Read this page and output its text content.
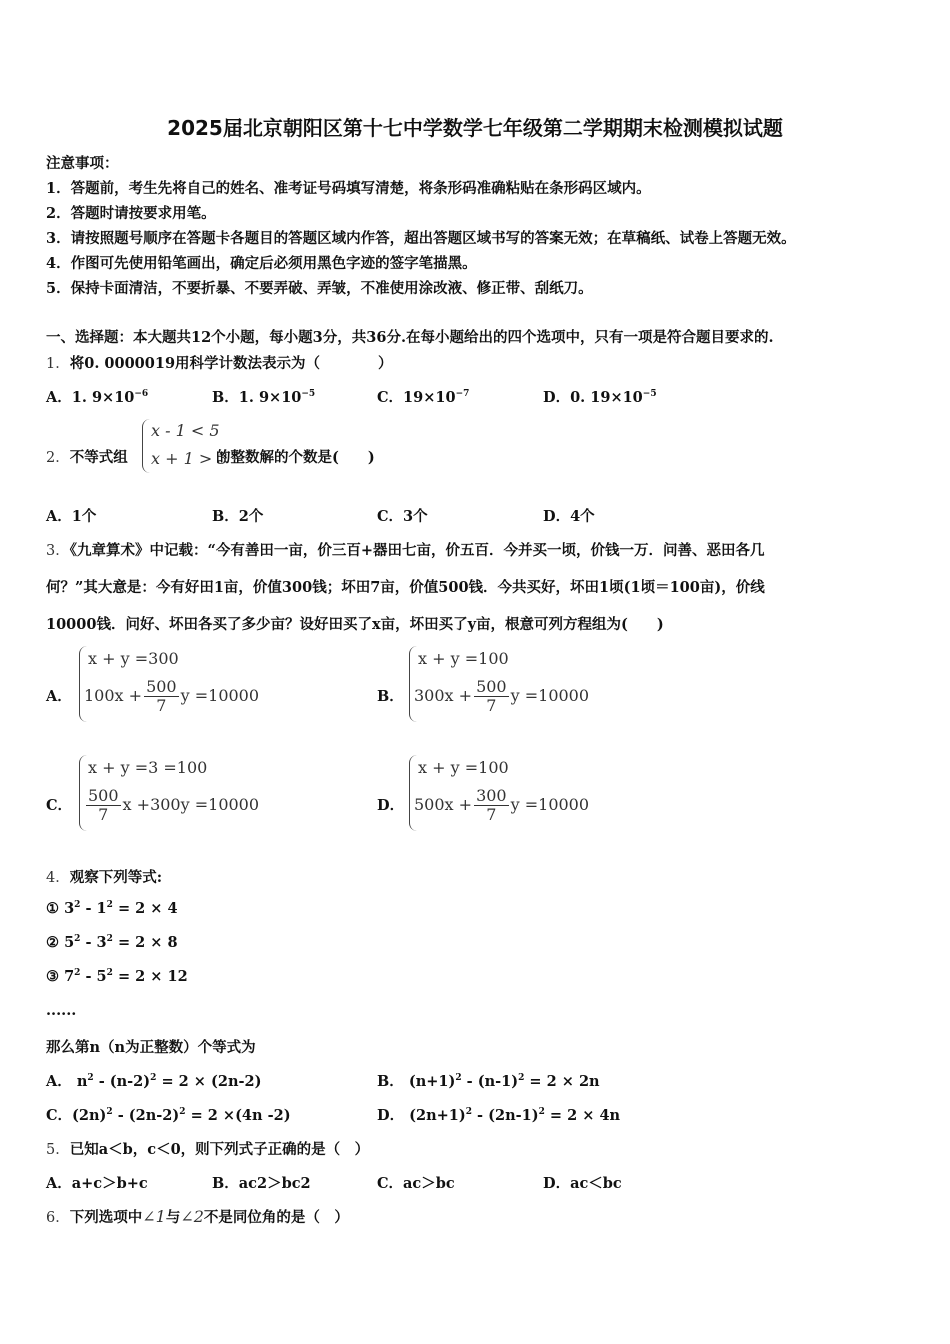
2025届北京朝阳区第十七中学数学七年级第二学期期末检测模拟试题
注意事项：
1．答题前，考生先将自己的姓名、准考证号码填写清楚，将条形码准确粘贴在条形码区域内。
2．答题时请按要求用笔。
3．请按照题号顺序在答题卡各题目的答题区域内作答，超出答题区域书写的答案无效；在草稿纸、试卷上答题无效。
4．作图可先使用铅笔画出，确定后必须用黑色字迹的签字笔描黑。
5．保持卡面清洁，不要折暴、不要弄破、弄皱，不准使用涂改液、修正带、刮纸刀。
一、选择题：本大题共12个小题，每小题3分，共36分.在每小题给出的四个选项中，只有一项是符合题目要求的.
1．将0. 0000019用科学计数法表示为（　　　　）
A．1. $9\times 10^{-6}$	B．1. $9\times 10^{-5}$	C．$19\times 10^{-7}$	D．0. $19\times 10^{-5}$
2．不等式组
x - 1 < 5
x + 1 > 3
的整数解的个数是(　　)
A．1个	B．2个	C．3个	D．4个
3．《九章算术》中记载：“今有善田一亩，价三百+器田七亩，价五百．今并买一顷，价钱一万．问善、恶田各几
何？”其大意是：今有好田1亩，价值300钱；坏田7亩，价值500钱．今共买好，坏田1顷(1顷＝100亩)，价线
10000钱．问好、坏田各买了多少亩？设好田买了x亩，坏田买了y亩，根意可列方程组为(　　)
A．
x + y =300
$100x + \frac{500}{7}$ y =10000	B．
x + y =100
$300x + \frac{500}{7}$ y =10000
C．
x + y =3 =100
$\frac{500}{7}$ x +300y =10000	D．
x + y =100
$500x + \frac{300}{7}$ y =10000
4．观察下列等式:
① $3^2 - 1^2 = 2 \times 4$
② $5^2 - 3^2 = 2 \times 8$
③ $7^2 - 5^2 = 2 \times 12$
......
那么第n（n为正整数）个等式为
A． $n^2 - (n-2)^2 = 2 \times (2n-2)$	B． $(n+1)^2 - (n-1)^2 = 2 \times 2n$
C．$(2n)^2 - (2n-2)^2 = 2 \times(4n$ -2)	D． $(2n+1)^2 - (2n-1)^2 = 2 \times 4n$
5．已知a＜b，c＜0，则下列式子正确的是（　）
A．a+c＞b+c	B．ac2＞bc2	C．ac＞bc	D．ac＜bc
6．下列选项中∠1与∠2不是同位角的是（　）
